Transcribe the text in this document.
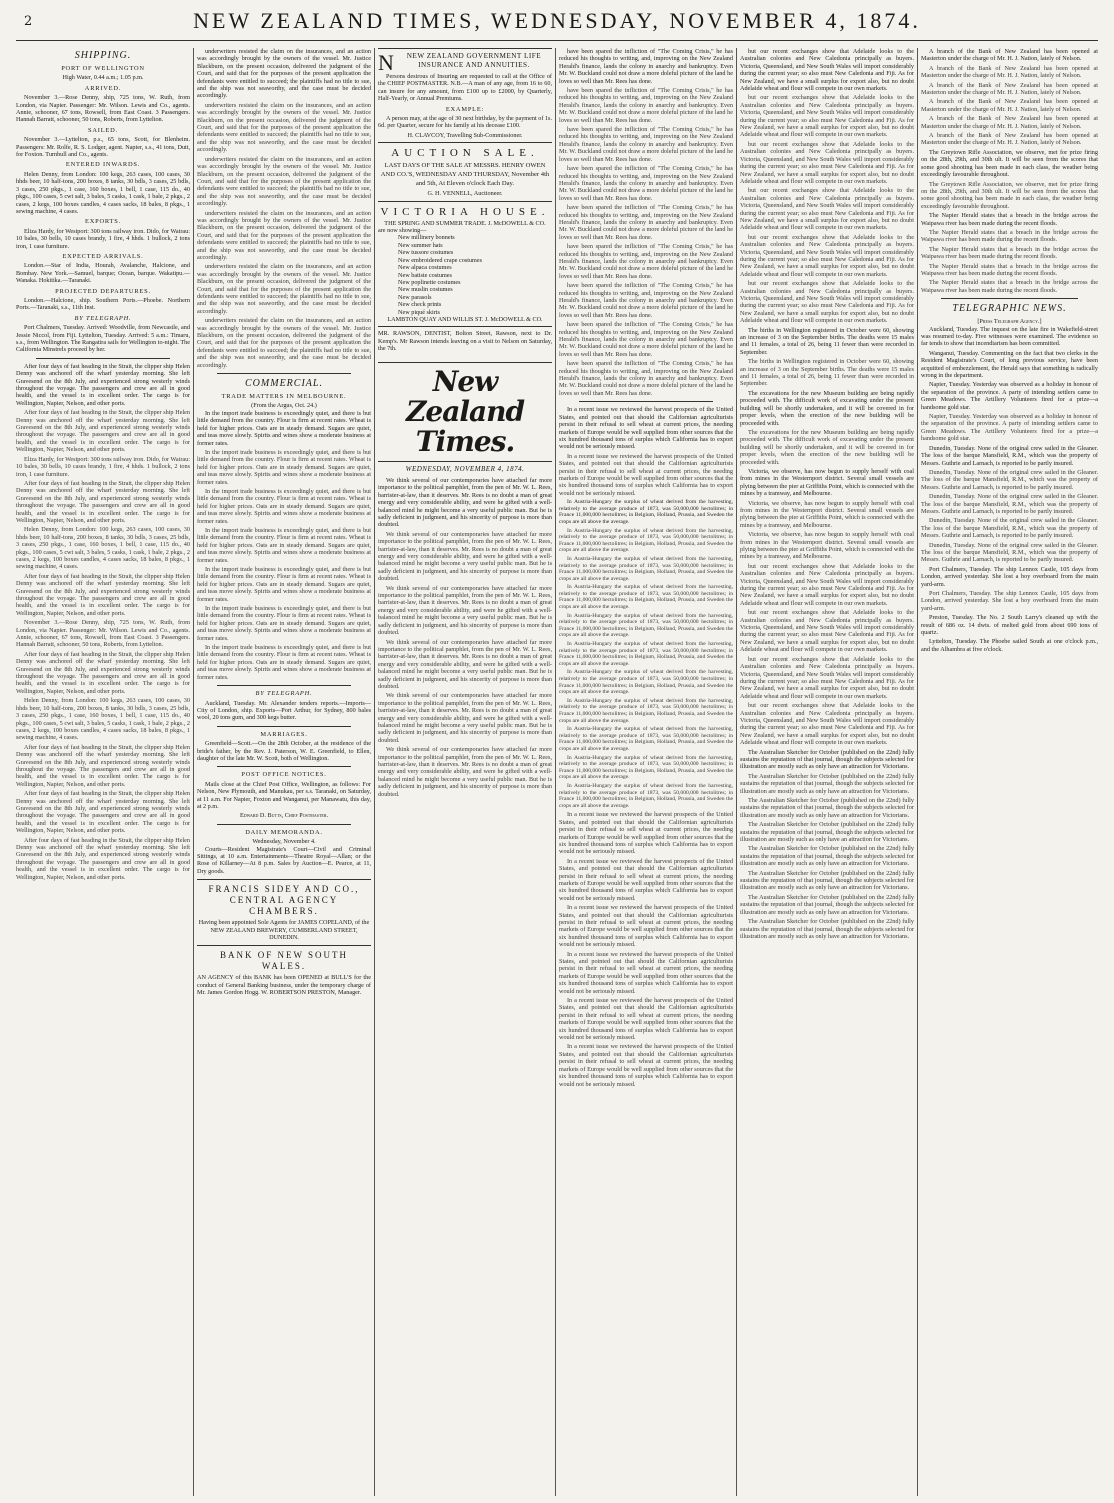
2	NEW ZEALAND TIMES, WEDNESDAY, NOVEMBER 4, 1874.
SHIPPING.
PORT OF WELLINGTON
High Water, 0.44 a.m.; 1.05 p.m.
ARRIVED.

November 3.—Rose Denny, ship, 725 tons, W. Ruth, from London, via Napier. Passenger: Mr. Wilson. Lewis and Co., agents. Annie, schooner, 67 tons, Rowsell, from East Coast. 3 Passengers. Hannah Barratt, schooner, 50 tons, Roberts, from Lyttelton.

SAILED.

November 3.—Lyttelton, p.s., 65 tons, Scott, for Blenheim. Passengers: Mr. Rolfe, R. S. Lodger, agent. Napier, s.s., 41 tons, Dutt, for Foxton. Turnbull and Co., agents.

ENTERED INWARDS.

Helen Denny, from London: 100 kegs, 263 cases, 100 cases, 30 hhds beer, 10 half-tons, 200 boxes, 8 tanks, 30 bdls, 3 cases, 25 bdls, 3 cases, 250 pkgs., 1 case, 160 boxes, 1 bell, 1 case, 115 do., 40 pkgs., 100 cases, 5 cwt salt, 3 bales, 5 casks, 1 cask, 1 bale, 2 pkgs., 2 cases, 2 kegs, 100 boxes candles, 4 cases sacks, 18 bales, 8 pkgs., 1 sewing machine, 4 cases.

EXPORTS.

Eliza Hardy, for Westport: 300 tons railway iron. Dido, for Wairau: 10 bales, 30 bells, 10 cases brandy, 1 fire, 4 hhds. 1 bullock, 2 tons iron, 1 case furniture.

EXPECTED ARRIVALS.

London.—Star of India, Hourah, Avalanche, Halcione, and Bombay. New York.—Samuel, barque; Ocean, barque. Wakatipu.—Wanaka. Hokitika.—Taranaki.

PROJECTED DEPARTURES.

London.—Halcione, ship. Southern Ports.—Phoebe. Northern Ports.—Taranaki, s.s., 11th Inst.

BY TELEGRAPH.

Port Chalmers, Tuesday. Arrived: Woodville, from Newcastle, and Jessie Niccol, from Fiji. Lyttelton, Tuesday. Arrived: 5 a.m.: Timaru, s.s., from Wellington. The Rangatira sails for Wellington to-night. The California Minstrels proceed by her.

After four days of fast heading in the Strait, the clipper ship Helen Denny was anchored off the wharf yesterday morning. She left Gravesend on the 8th July, and experienced strong westerly winds throughout the voyage. The passengers and crew are all in good health, and the vessel is in excellent order. The cargo is for Wellington, Napier, Nelson, and other ports.

After four days of fast heading in the Strait, the clipper ship Helen Denny was anchored off the wharf yesterday morning. She left Gravesend on the 8th July, and experienced strong westerly winds throughout the voyage. The passengers and crew are all in good health, and the vessel is in excellent order. The cargo is for Wellington, Napier, Nelson, and other ports.

Eliza Hardy, for Westport: 300 tons railway iron. Dido, for Wairau: 10 bales, 30 bells, 10 cases brandy, 1 fire, 4 hhds. 1 bullock, 2 tons iron, 1 case furniture.

After four days of fast heading in the Strait, the clipper ship Helen Denny was anchored off the wharf yesterday morning. She left Gravesend on the 8th July, and experienced strong westerly winds throughout the voyage. The passengers and crew are all in good health, and the vessel is in excellent order. The cargo is for Wellington, Napier, Nelson, and other ports.

Helen Denny, from London: 100 kegs, 263 cases, 100 cases, 30 hhds beer, 10 half-tons, 200 boxes, 8 tanks, 30 bdls, 3 cases, 25 bdls, 3 cases, 250 pkgs., 1 case, 160 boxes, 1 bell, 1 case, 115 do., 40 pkgs., 100 cases, 5 cwt salt, 3 bales, 5 casks, 1 cask, 1 bale, 2 pkgs., 2 cases, 2 kegs, 100 boxes candles, 4 cases sacks, 18 bales, 8 pkgs., 1 sewing machine, 4 cases.

After four days of fast heading in the Strait, the clipper ship Helen Denny was anchored off the wharf yesterday morning. She left Gravesend on the 8th July, and experienced strong westerly winds throughout the voyage. The passengers and crew are all in good health, and the vessel is in excellent order. The cargo is for Wellington, Napier, Nelson, and other ports.

November 3.—Rose Denny, ship, 725 tons, W. Ruth, from London, via Napier. Passenger: Mr. Wilson. Lewis and Co., agents. Annie, schooner, 67 tons, Rowsell, from East Coast. 3 Passengers. Hannah Barratt, schooner, 50 tons, Roberts, from Lyttelton.

After four days of fast heading in the Strait, the clipper ship Helen Denny was anchored off the wharf yesterday morning. She left Gravesend on the 8th July, and experienced strong westerly winds throughout the voyage. The passengers and crew are all in good health, and the vessel is in excellent order. The cargo is for Wellington, Napier, Nelson, and other ports.

Helen Denny, from London: 100 kegs, 263 cases, 100 cases, 30 hhds beer, 10 half-tons, 200 boxes, 8 tanks, 30 bdls, 3 cases, 25 bdls, 3 cases, 250 pkgs., 1 case, 160 boxes, 1 bell, 1 case, 115 do., 40 pkgs., 100 cases, 5 cwt salt, 3 bales, 5 casks, 1 cask, 1 bale, 2 pkgs., 2 cases, 2 kegs, 100 boxes candles, 4 cases sacks, 18 bales, 8 pkgs., 1 sewing machine, 4 cases.

After four days of fast heading in the Strait, the clipper ship Helen Denny was anchored off the wharf yesterday morning. She left Gravesend on the 8th July, and experienced strong westerly winds throughout the voyage. The passengers and crew are all in good health, and the vessel is in excellent order. The cargo is for Wellington, Napier, Nelson, and other ports.

After four days of fast heading in the Strait, the clipper ship Helen Denny was anchored off the wharf yesterday morning. She left Gravesend on the 8th July, and experienced strong westerly winds throughout the voyage. The passengers and crew are all in good health, and the vessel is in excellent order. The cargo is for Wellington, Napier, Nelson, and other ports.

After four days of fast heading in the Strait, the clipper ship Helen Denny was anchored off the wharf yesterday morning. She left Gravesend on the 8th July, and experienced strong westerly winds throughout the voyage. The passengers and crew are all in good health, and the vessel is in excellent order. The cargo is for Wellington, Napier, Nelson, and other ports.

underwriters resisted the claim on the insurances, and an action was accordingly brought by the owners of the vessel. Mr. Justice Blackburn, on the present occasion, delivered the judgment of the Court, and said that for the purposes of the present application the defendants were entitled to succeed; the plaintiffs had no title to sue, and the ship was not seaworthy, and the case must be decided accordingly.

underwriters resisted the claim on the insurances, and an action was accordingly brought by the owners of the vessel. Mr. Justice Blackburn, on the present occasion, delivered the judgment of the Court, and said that for the purposes of the present application the defendants were entitled to succeed; the plaintiffs had no title to sue, and the ship was not seaworthy, and the case must be decided accordingly.

underwriters resisted the claim on the insurances, and an action was accordingly brought by the owners of the vessel. Mr. Justice Blackburn, on the present occasion, delivered the judgment of the Court, and said that for the purposes of the present application the defendants were entitled to succeed; the plaintiffs had no title to sue, and the ship was not seaworthy, and the case must be decided accordingly.

underwriters resisted the claim on the insurances, and an action was accordingly brought by the owners of the vessel. Mr. Justice Blackburn, on the present occasion, delivered the judgment of the Court, and said that for the purposes of the present application the defendants were entitled to succeed; the plaintiffs had no title to sue, and the ship was not seaworthy, and the case must be decided accordingly.

underwriters resisted the claim on the insurances, and an action was accordingly brought by the owners of the vessel. Mr. Justice Blackburn, on the present occasion, delivered the judgment of the Court, and said that for the purposes of the present application the defendants were entitled to succeed; the plaintiffs had no title to sue, and the ship was not seaworthy, and the case must be decided accordingly.

underwriters resisted the claim on the insurances, and an action was accordingly brought by the owners of the vessel. Mr. Justice Blackburn, on the present occasion, delivered the judgment of the Court, and said that for the purposes of the present application the defendants were entitled to succeed; the plaintiffs had no title to sue, and the ship was not seaworthy, and the case must be decided accordingly.

COMMERCIAL.
TRADE MATTERS IN MELBOURNE.
(From the Argus, Oct. 24.)

In the import trade business is exceedingly quiet, and there is but little demand from the country. Flour is firm at recent rates. Wheat is held for higher prices. Oats are in steady demand. Sugars are quiet, and teas move slowly. Spirits and wines show a moderate business at former rates.

In the import trade business is exceedingly quiet, and there is but little demand from the country. Flour is firm at recent rates. Wheat is held for higher prices. Oats are in steady demand. Sugars are quiet, and teas move slowly. Spirits and wines show a moderate business at former rates.

In the import trade business is exceedingly quiet, and there is but little demand from the country. Flour is firm at recent rates. Wheat is held for higher prices. Oats are in steady demand. Sugars are quiet, and teas move slowly. Spirits and wines show a moderate business at former rates.

In the import trade business is exceedingly quiet, and there is but little demand from the country. Flour is firm at recent rates. Wheat is held for higher prices. Oats are in steady demand. Sugars are quiet, and teas move slowly. Spirits and wines show a moderate business at former rates.

In the import trade business is exceedingly quiet, and there is but little demand from the country. Flour is firm at recent rates. Wheat is held for higher prices. Oats are in steady demand. Sugars are quiet, and teas move slowly. Spirits and wines show a moderate business at former rates.

In the import trade business is exceedingly quiet, and there is but little demand from the country. Flour is firm at recent rates. Wheat is held for higher prices. Oats are in steady demand. Sugars are quiet, and teas move slowly. Spirits and wines show a moderate business at former rates.

In the import trade business is exceedingly quiet, and there is but little demand from the country. Flour is firm at recent rates. Wheat is held for higher prices. Oats are in steady demand. Sugars are quiet, and teas move slowly. Spirits and wines show a moderate business at former rates.

BY TELEGRAPH.

Auckland, Tuesday. Mr. Alexander tenders reports.—Imports—City of London, ship. Exports—Port Arthur, for Sydney, 800 bales wool, 20 tons gum, and 300 kegs butter.

MARRIAGES.

Greenfield—Scott.—On the 28th October, at the residence of the bride's father, by the Rev. J. Paterson, W. E. Greenfield, to Ellen, daughter of the late Mr. W. Scott, both of Wellington.

POST OFFICE NOTICES.

Mails close at the Chief Post Office, Wellington, as follows: For Nelson, New Plymouth, and Manukau, per s.s. Taranaki, on Saturday, at 11 a.m. For Napier, Foxton and Wanganui, per Manawatu, this day, at 2 p.m.

Edward D. Butts, Chief Postmaster.
DAILY MEMORANDA.
Wednesday, November 4.

Courts—Resident Magistrate's Court—Civil and Criminal Sittings, at 10 a.m. Entertainments—Theatre Royal—Allan; or the Rose of Killarney—At 8 p.m. Sales by Auction—E. Pearce, at 11, Dry goods.

FRANCIS SIDEY AND CO.,
CENTRAL AGENCY CHAMBERS.

Having been appointed Sole Agents for JAMES COPELAND, of the NEW ZEALAND BREWERY, CUMBERLAND STREET, DUNEDIN.

BANK OF NEW SOUTH WALES.

AN AGENCY of this BANK has been OPENED at BULL'S for the conduct of General Banking business, under the temporary charge of Mr. James Gordon Hogg. W. ROBERTSON PRESTON, Manager.

N	NEW ZEALAND GOVERNMENT LIFE INSURANCE AND ANNUITIES.

Persons desirous of Insuring are requested to call at the Office of the CHIEF POSTMASTER. N.B.—A man of any age, from 16 to 60, can insure for any amount, from £100 up to £2000, by Quarterly, Half-Yearly, or Annual Premiums.

EXAMPLE:

A person may, at the age of 30 next birthday, by the payment of 1s. 6d. per Quarter, secure for his family at his decease £100.

H. CLAVCOY, Travelling Sub-Commissioner.
AUCTION SALE.

LAST DAYS OF THE SALE AT MESSRS. HENRY OWEN AND CO.'S, WEDNESDAY AND THURSDAY, November 4th and 5th, At Eleven o'clock Each Day.

G. H. VENNELL, Auctioneer.
VICTORIA HOUSE.
THE SPRING AND SUMMER TRADE. J. McDOWELL & CO.
are now showing—
New millinery bonnets
New summer hats
New tussore costumes
New embroidered crape costumes
New alpaca costumes
New batiste costumes
New poplinette costumes
New muslin costumes
New parasols
New check prints
New piqué skirts
LAMBTON QUAY AND WILLIS ST. J. McDOWELL & CO.

MR. RAWSON, DENTIST, Bolton Street, Rawson, next to Dr. Kemp's. Mr Rawson intends leaving on a visit to Nelson on Saturday, the 7th.

New Zealand Times.
WEDNESDAY, NOVEMBER 4, 1874.

We think several of our contemporaries have attached far more importance to the political pamphlet, from the pen of Mr. W. L. Rees, barrister-at-law, than it deserves. Mr. Rees is no doubt a man of great energy and very considerable ability, and were he gifted with a well-balanced mind he might become a very useful public man. But he is sadly deficient in judgment, and his sincerity of purpose is more than doubted.

We think several of our contemporaries have attached far more importance to the political pamphlet, from the pen of Mr. W. L. Rees, barrister-at-law, than it deserves. Mr. Rees is no doubt a man of great energy and very considerable ability, and were he gifted with a well-balanced mind he might become a very useful public man. But he is sadly deficient in judgment, and his sincerity of purpose is more than doubted.

We think several of our contemporaries have attached far more importance to the political pamphlet, from the pen of Mr. W. L. Rees, barrister-at-law, than it deserves. Mr. Rees is no doubt a man of great energy and very considerable ability, and were he gifted with a well-balanced mind he might become a very useful public man. But he is sadly deficient in judgment, and his sincerity of purpose is more than doubted.

We think several of our contemporaries have attached far more importance to the political pamphlet, from the pen of Mr. W. L. Rees, barrister-at-law, than it deserves. Mr. Rees is no doubt a man of great energy and very considerable ability, and were he gifted with a well-balanced mind he might become a very useful public man. But he is sadly deficient in judgment, and his sincerity of purpose is more than doubted.

We think several of our contemporaries have attached far more importance to the political pamphlet, from the pen of Mr. W. L. Rees, barrister-at-law, than it deserves. Mr. Rees is no doubt a man of great energy and very considerable ability, and were he gifted with a well-balanced mind he might become a very useful public man. But he is sadly deficient in judgment, and his sincerity of purpose is more than doubted.

We think several of our contemporaries have attached far more importance to the political pamphlet, from the pen of Mr. W. L. Rees, barrister-at-law, than it deserves. Mr. Rees is no doubt a man of great energy and very considerable ability, and were he gifted with a well-balanced mind he might become a very useful public man. But he is sadly deficient in judgment, and his sincerity of purpose is more than doubted.

have been spared the infliction of "The Coming Crisis," he has reduced his thoughts to writing, and, improving on the New Zealand Herald's finance, lands the colony in anarchy and bankruptcy. Even Mr. W. Buckland could not draw a more doleful picture of the land he loves so well than Mr. Rees has done.

have been spared the infliction of "The Coming Crisis," he has reduced his thoughts to writing, and, improving on the New Zealand Herald's finance, lands the colony in anarchy and bankruptcy. Even Mr. W. Buckland could not draw a more doleful picture of the land he loves so well than Mr. Rees has done.

have been spared the infliction of "The Coming Crisis," he has reduced his thoughts to writing, and, improving on the New Zealand Herald's finance, lands the colony in anarchy and bankruptcy. Even Mr. W. Buckland could not draw a more doleful picture of the land he loves so well than Mr. Rees has done.

have been spared the infliction of "The Coming Crisis," he has reduced his thoughts to writing, and, improving on the New Zealand Herald's finance, lands the colony in anarchy and bankruptcy. Even Mr. W. Buckland could not draw a more doleful picture of the land he loves so well than Mr. Rees has done.

have been spared the infliction of "The Coming Crisis," he has reduced his thoughts to writing, and, improving on the New Zealand Herald's finance, lands the colony in anarchy and bankruptcy. Even Mr. W. Buckland could not draw a more doleful picture of the land he loves so well than Mr. Rees has done.

have been spared the infliction of "The Coming Crisis," he has reduced his thoughts to writing, and, improving on the New Zealand Herald's finance, lands the colony in anarchy and bankruptcy. Even Mr. W. Buckland could not draw a more doleful picture of the land he loves so well than Mr. Rees has done.

have been spared the infliction of "The Coming Crisis," he has reduced his thoughts to writing, and, improving on the New Zealand Herald's finance, lands the colony in anarchy and bankruptcy. Even Mr. W. Buckland could not draw a more doleful picture of the land he loves so well than Mr. Rees has done.

have been spared the infliction of "The Coming Crisis," he has reduced his thoughts to writing, and, improving on the New Zealand Herald's finance, lands the colony in anarchy and bankruptcy. Even Mr. W. Buckland could not draw a more doleful picture of the land he loves so well than Mr. Rees has done.

have been spared the infliction of "The Coming Crisis," he has reduced his thoughts to writing, and, improving on the New Zealand Herald's finance, lands the colony in anarchy and bankruptcy. Even Mr. W. Buckland could not draw a more doleful picture of the land he loves so well than Mr. Rees has done.

In a recent issue we reviewed the harvest prospects of the United States, and pointed out that should the Californian agriculturists persist in their refusal to sell wheat at current prices, the needing markets of Europe would be well supplied from other sources that the six hundred thousand tons of surplus which California has to export would not be seriously missed.

In a recent issue we reviewed the harvest prospects of the United States, and pointed out that should the Californian agriculturists persist in their refusal to sell wheat at current prices, the needing markets of Europe would be well supplied from other sources that the six hundred thousand tons of surplus which California has to export would not be seriously missed.

In Austria-Hungary the surplus of wheat derived from the harvesting, relatively to the average produce of 1873, was 50,000,000 hectolitres; in France 11,000,000 hectolitres; in Belgium, Holland, Prussia, and Sweden the crops are all above the average.

In Austria-Hungary the surplus of wheat derived from the harvesting, relatively to the average produce of 1873, was 50,000,000 hectolitres; in France 11,000,000 hectolitres; in Belgium, Holland, Prussia, and Sweden the crops are all above the average.

In Austria-Hungary the surplus of wheat derived from the harvesting, relatively to the average produce of 1873, was 50,000,000 hectolitres; in France 11,000,000 hectolitres; in Belgium, Holland, Prussia, and Sweden the crops are all above the average.

In Austria-Hungary the surplus of wheat derived from the harvesting, relatively to the average produce of 1873, was 50,000,000 hectolitres; in France 11,000,000 hectolitres; in Belgium, Holland, Prussia, and Sweden the crops are all above the average.

In Austria-Hungary the surplus of wheat derived from the harvesting, relatively to the average produce of 1873, was 50,000,000 hectolitres; in France 11,000,000 hectolitres; in Belgium, Holland, Prussia, and Sweden the crops are all above the average.

In Austria-Hungary the surplus of wheat derived from the harvesting, relatively to the average produce of 1873, was 50,000,000 hectolitres; in France 11,000,000 hectolitres; in Belgium, Holland, Prussia, and Sweden the crops are all above the average.

In Austria-Hungary the surplus of wheat derived from the harvesting, relatively to the average produce of 1873, was 50,000,000 hectolitres; in France 11,000,000 hectolitres; in Belgium, Holland, Prussia, and Sweden the crops are all above the average.

In Austria-Hungary the surplus of wheat derived from the harvesting, relatively to the average produce of 1873, was 50,000,000 hectolitres; in France 11,000,000 hectolitres; in Belgium, Holland, Prussia, and Sweden the crops are all above the average.

In Austria-Hungary the surplus of wheat derived from the harvesting, relatively to the average produce of 1873, was 50,000,000 hectolitres; in France 11,000,000 hectolitres; in Belgium, Holland, Prussia, and Sweden the crops are all above the average.

In Austria-Hungary the surplus of wheat derived from the harvesting, relatively to the average produce of 1873, was 50,000,000 hectolitres; in France 11,000,000 hectolitres; in Belgium, Holland, Prussia, and Sweden the crops are all above the average.

In Austria-Hungary the surplus of wheat derived from the harvesting, relatively to the average produce of 1873, was 50,000,000 hectolitres; in France 11,000,000 hectolitres; in Belgium, Holland, Prussia, and Sweden the crops are all above the average.

In a recent issue we reviewed the harvest prospects of the United States, and pointed out that should the Californian agriculturists persist in their refusal to sell wheat at current prices, the needing markets of Europe would be well supplied from other sources that the six hundred thousand tons of surplus which California has to export would not be seriously missed.

In a recent issue we reviewed the harvest prospects of the United States, and pointed out that should the Californian agriculturists persist in their refusal to sell wheat at current prices, the needing markets of Europe would be well supplied from other sources that the six hundred thousand tons of surplus which California has to export would not be seriously missed.

In a recent issue we reviewed the harvest prospects of the United States, and pointed out that should the Californian agriculturists persist in their refusal to sell wheat at current prices, the needing markets of Europe would be well supplied from other sources that the six hundred thousand tons of surplus which California has to export would not be seriously missed.

In a recent issue we reviewed the harvest prospects of the United States, and pointed out that should the Californian agriculturists persist in their refusal to sell wheat at current prices, the needing markets of Europe would be well supplied from other sources that the six hundred thousand tons of surplus which California has to export would not be seriously missed.

In a recent issue we reviewed the harvest prospects of the United States, and pointed out that should the Californian agriculturists persist in their refusal to sell wheat at current prices, the needing markets of Europe would be well supplied from other sources that the six hundred thousand tons of surplus which California has to export would not be seriously missed.

In a recent issue we reviewed the harvest prospects of the United States, and pointed out that should the Californian agriculturists persist in their refusal to sell wheat at current prices, the needing markets of Europe would be well supplied from other sources that the six hundred thousand tons of surplus which California has to export would not be seriously missed.

but our recent exchanges show that Adelaide looks to the Australian colonies and New Caledonia principally as buyers. Victoria, Queensland, and New South Wales will import considerably during the current year; so also must New Caledonia and Fiji. As for New Zealand, we have a small surplus for export also, but no doubt Adelaide wheat and flour will compete in our own markets.

but our recent exchanges show that Adelaide looks to the Australian colonies and New Caledonia principally as buyers. Victoria, Queensland, and New South Wales will import considerably during the current year; so also must New Caledonia and Fiji. As for New Zealand, we have a small surplus for export also, but no doubt Adelaide wheat and flour will compete in our own markets.

but our recent exchanges show that Adelaide looks to the Australian colonies and New Caledonia principally as buyers. Victoria, Queensland, and New South Wales will import considerably during the current year; so also must New Caledonia and Fiji. As for New Zealand, we have a small surplus for export also, but no doubt Adelaide wheat and flour will compete in our own markets.

but our recent exchanges show that Adelaide looks to the Australian colonies and New Caledonia principally as buyers. Victoria, Queensland, and New South Wales will import considerably during the current year; so also must New Caledonia and Fiji. As for New Zealand, we have a small surplus for export also, but no doubt Adelaide wheat and flour will compete in our own markets.

but our recent exchanges show that Adelaide looks to the Australian colonies and New Caledonia principally as buyers. Victoria, Queensland, and New South Wales will import considerably during the current year; so also must New Caledonia and Fiji. As for New Zealand, we have a small surplus for export also, but no doubt Adelaide wheat and flour will compete in our own markets.

but our recent exchanges show that Adelaide looks to the Australian colonies and New Caledonia principally as buyers. Victoria, Queensland, and New South Wales will import considerably during the current year; so also must New Caledonia and Fiji. As for New Zealand, we have a small surplus for export also, but no doubt Adelaide wheat and flour will compete in our own markets.

The births in Wellington registered in October were 60, showing an increase of 3 on the September births. The deaths were 15 males and 11 females, a total of 26, being 11 fewer than were recorded in September.

The births in Wellington registered in October were 60, showing an increase of 3 on the September births. The deaths were 15 males and 11 females, a total of 26, being 11 fewer than were recorded in September.

The excavations for the new Museum building are being rapidly proceeded with. The difficult work of excavating under the present building will be shortly undertaken, and it will be covered in for proper levels, when the erection of the new building will be proceeded with.

The excavations for the new Museum building are being rapidly proceeded with. The difficult work of excavating under the present building will be shortly undertaken, and it will be covered in for proper levels, when the erection of the new building will be proceeded with.

Victoria, we observe, has now begun to supply herself with coal from mines in the Westernport district. Several small vessels are plying between the pier at Griffiths Point, which is connected with the mines by a tramway, and Melbourne.

Victoria, we observe, has now begun to supply herself with coal from mines in the Westernport district. Several small vessels are plying between the pier at Griffiths Point, which is connected with the mines by a tramway, and Melbourne.

Victoria, we observe, has now begun to supply herself with coal from mines in the Westernport district. Several small vessels are plying between the pier at Griffiths Point, which is connected with the mines by a tramway, and Melbourne.

but our recent exchanges show that Adelaide looks to the Australian colonies and New Caledonia principally as buyers. Victoria, Queensland, and New South Wales will import considerably during the current year; so also must New Caledonia and Fiji. As for New Zealand, we have a small surplus for export also, but no doubt Adelaide wheat and flour will compete in our own markets.

but our recent exchanges show that Adelaide looks to the Australian colonies and New Caledonia principally as buyers. Victoria, Queensland, and New South Wales will import considerably during the current year; so also must New Caledonia and Fiji. As for New Zealand, we have a small surplus for export also, but no doubt Adelaide wheat and flour will compete in our own markets.

but our recent exchanges show that Adelaide looks to the Australian colonies and New Caledonia principally as buyers. Victoria, Queensland, and New South Wales will import considerably during the current year; so also must New Caledonia and Fiji. As for New Zealand, we have a small surplus for export also, but no doubt Adelaide wheat and flour will compete in our own markets.

but our recent exchanges show that Adelaide looks to the Australian colonies and New Caledonia principally as buyers. Victoria, Queensland, and New South Wales will import considerably during the current year; so also must New Caledonia and Fiji. As for New Zealand, we have a small surplus for export also, but no doubt Adelaide wheat and flour will compete in our own markets.

The Australian Sketcher for October (published on the 22nd) fully sustains the reputation of that journal, though the subjects selected for illustration are mostly such as only have an attraction for Victorians.

The Australian Sketcher for October (published on the 22nd) fully sustains the reputation of that journal, though the subjects selected for illustration are mostly such as only have an attraction for Victorians.

The Australian Sketcher for October (published on the 22nd) fully sustains the reputation of that journal, though the subjects selected for illustration are mostly such as only have an attraction for Victorians.

The Australian Sketcher for October (published on the 22nd) fully sustains the reputation of that journal, though the subjects selected for illustration are mostly such as only have an attraction for Victorians.

The Australian Sketcher for October (published on the 22nd) fully sustains the reputation of that journal, though the subjects selected for illustration are mostly such as only have an attraction for Victorians.

The Australian Sketcher for October (published on the 22nd) fully sustains the reputation of that journal, though the subjects selected for illustration are mostly such as only have an attraction for Victorians.

The Australian Sketcher for October (published on the 22nd) fully sustains the reputation of that journal, though the subjects selected for illustration are mostly such as only have an attraction for Victorians.

The Australian Sketcher for October (published on the 22nd) fully sustains the reputation of that journal, though the subjects selected for illustration are mostly such as only have an attraction for Victorians.

A branch of the Bank of New Zealand has been opened at Masterton under the charge of Mr. H. J. Nation, lately of Nelson.

A branch of the Bank of New Zealand has been opened at Masterton under the charge of Mr. H. J. Nation, lately of Nelson.

A branch of the Bank of New Zealand has been opened at Masterton under the charge of Mr. H. J. Nation, lately of Nelson.

A branch of the Bank of New Zealand has been opened at Masterton under the charge of Mr. H. J. Nation, lately of Nelson.

A branch of the Bank of New Zealand has been opened at Masterton under the charge of Mr. H. J. Nation, lately of Nelson.

A branch of the Bank of New Zealand has been opened at Masterton under the charge of Mr. H. J. Nation, lately of Nelson.

The Greytown Rifle Association, we observe, met for prize firing on the 28th, 29th, and 30th ult. It will be seen from the scores that some good shooting has been made in each class, the weather being exceedingly favourable throughout.

The Greytown Rifle Association, we observe, met for prize firing on the 28th, 29th, and 30th ult. It will be seen from the scores that some good shooting has been made in each class, the weather being exceedingly favourable throughout.

The Napier Herald states that a breach in the bridge across the Waipawa river has been made during the recent floods.

The Napier Herald states that a breach in the bridge across the Waipawa river has been made during the recent floods.

The Napier Herald states that a breach in the bridge across the Waipawa river has been made during the recent floods.

The Napier Herald states that a breach in the bridge across the Waipawa river has been made during the recent floods.

The Napier Herald states that a breach in the bridge across the Waipawa river has been made during the recent floods.

TELEGRAPHIC NEWS.
[Press Telegraph Agency.]

Auckland, Tuesday. The inquest on the late fire in Wakefield-street was resumed to-day. Five witnesses were examined. The evidence so far tends to show that incendiarism has been committed.

Wanganui, Tuesday. Commenting on the fact that two clerks in the Resident Magistrate's Court, of long previous service, have been acquitted of embezzlement, the Herald says that something is radically wrong in the department.

Napier, Tuesday. Yesterday was observed as a holiday in honour of the separation of the province. A party of intending settlers came to Green Meadows. The Artillery Volunteers fired for a prize—a handsome gold star.

Napier, Tuesday. Yesterday was observed as a holiday in honour of the separation of the province. A party of intending settlers came to Green Meadows. The Artillery Volunteers fired for a prize—a handsome gold star.

Dunedin, Tuesday. None of the original crew sailed in the Gleaner. The loss of the barque Mansfield, R.M., which was the property of Messrs. Guthrie and Larnach, is reported to be partly insured.

Dunedin, Tuesday. None of the original crew sailed in the Gleaner. The loss of the barque Mansfield, R.M., which was the property of Messrs. Guthrie and Larnach, is reported to be partly insured.

Dunedin, Tuesday. None of the original crew sailed in the Gleaner. The loss of the barque Mansfield, R.M., which was the property of Messrs. Guthrie and Larnach, is reported to be partly insured.

Dunedin, Tuesday. None of the original crew sailed in the Gleaner. The loss of the barque Mansfield, R.M., which was the property of Messrs. Guthrie and Larnach, is reported to be partly insured.

Dunedin, Tuesday. None of the original crew sailed in the Gleaner. The loss of the barque Mansfield, R.M., which was the property of Messrs. Guthrie and Larnach, is reported to be partly insured.

Port Chalmers, Tuesday. The ship Lennox Castle, 105 days from London, arrived yesterday. She lost a boy overboard from the main yard-arm.

Port Chalmers, Tuesday. The ship Lennox Castle, 105 days from London, arrived yesterday. She lost a boy overboard from the main yard-arm.

Preston, Tuesday. The No. 2 South Larry's cleaned up with the result of 686 oz. 14 dwts. of melted gold from about 690 tons of quartz.

Lyttelton, Tuesday. The Phoebe sailed South at one o'clock p.m., and the Alhambra at five o'clock.
